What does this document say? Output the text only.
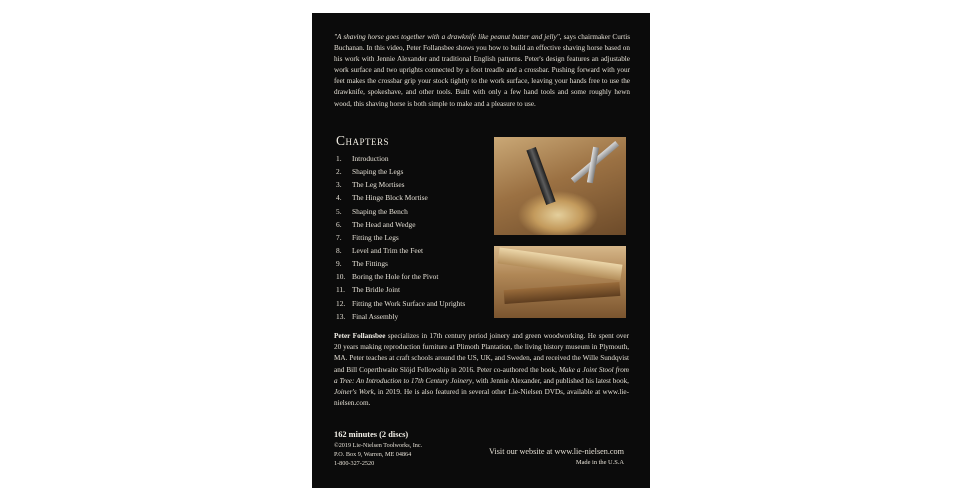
"A shaving horse goes together with a drawknife like peanut butter and jelly", says chairmaker Curtis Buchanan. In this video, Peter Follansbee shows you how to build an effective shaving horse based on his work with Jennie Alexander and traditional English patterns. Peter's design features an adjustable work surface and two uprights connected by a foot treadle and a crossbar. Pushing forward with your feet makes the crossbar grip your stock tightly to the work surface, leaving your hands free to use the drawknife, spokeshave, and other tools. Built with only a few hand tools and some roughly hewn wood, this shaving horse is both simple to make and a pleasure to use.

Chapters
1. Introduction
2. Shaping the Legs
3. The Leg Mortises
4. The Hinge Block Mortise
5. Shaping the Bench
6. The Head and Wedge
7. Fitting the Legs
8. Level and Trim the Feet
9. The Fittings
10. Boring the Hole for the Pivot
11. The Bridle Joint
12. Fitting the Work Surface and Uprights
13. Final Assembly

Peter Follansbee specializes in 17th century period joinery and green woodworking. He spent over 20 years making reproduction furniture at Plimoth Plantation, the living history museum in Plymouth, MA. Peter teaches at craft schools around the US, UK, and Sweden, and received the Wille Sundqvist and Bill Coperthwaite Slöjd Fellowship in 2016. Peter co-authored the book, Make a Joint Stool from a Tree: An Introduction to 17th Century Joinery, with Jennie Alexander, and published his latest book, Joiner's Work, in 2019. He is also featured in several other Lie-Nielsen DVDs, available at www.lie-nielsen.com.

162 minutes (2 discs)

©2019 Lie-Nielsen Toolworks, Inc.
P.O. Box 9, Warren, ME 04864
1-800-327-2520

Visit our website at www.lie-nielsen.com

Made in the U.S.A
